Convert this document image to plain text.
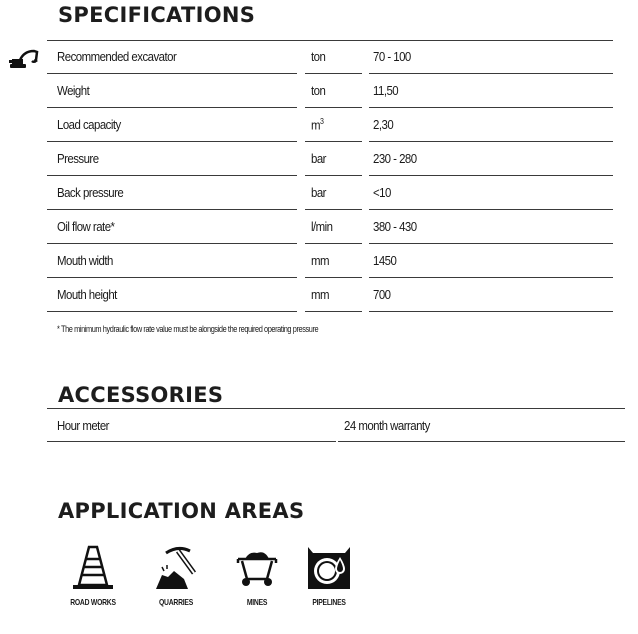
SPECIFICATIONS
Recommended excavator	ton	70 - 100
Weight	ton	11,50
Load capacity	$m^3$	2,30
Pressure	bar	230 - 280
Back pressure	bar	<10
Oil flow rate*	l/min	380 - 430
Mouth width	mm	1450
Mouth height	mm	700
* The minimum hydraulic flow rate value must be alongside the required operating pressure
ACCESSORIES
Hour meter	24 month warranty
APPLICATION AREAS
ROAD WORKS	QUARRIES	MINES	PIPELINES
